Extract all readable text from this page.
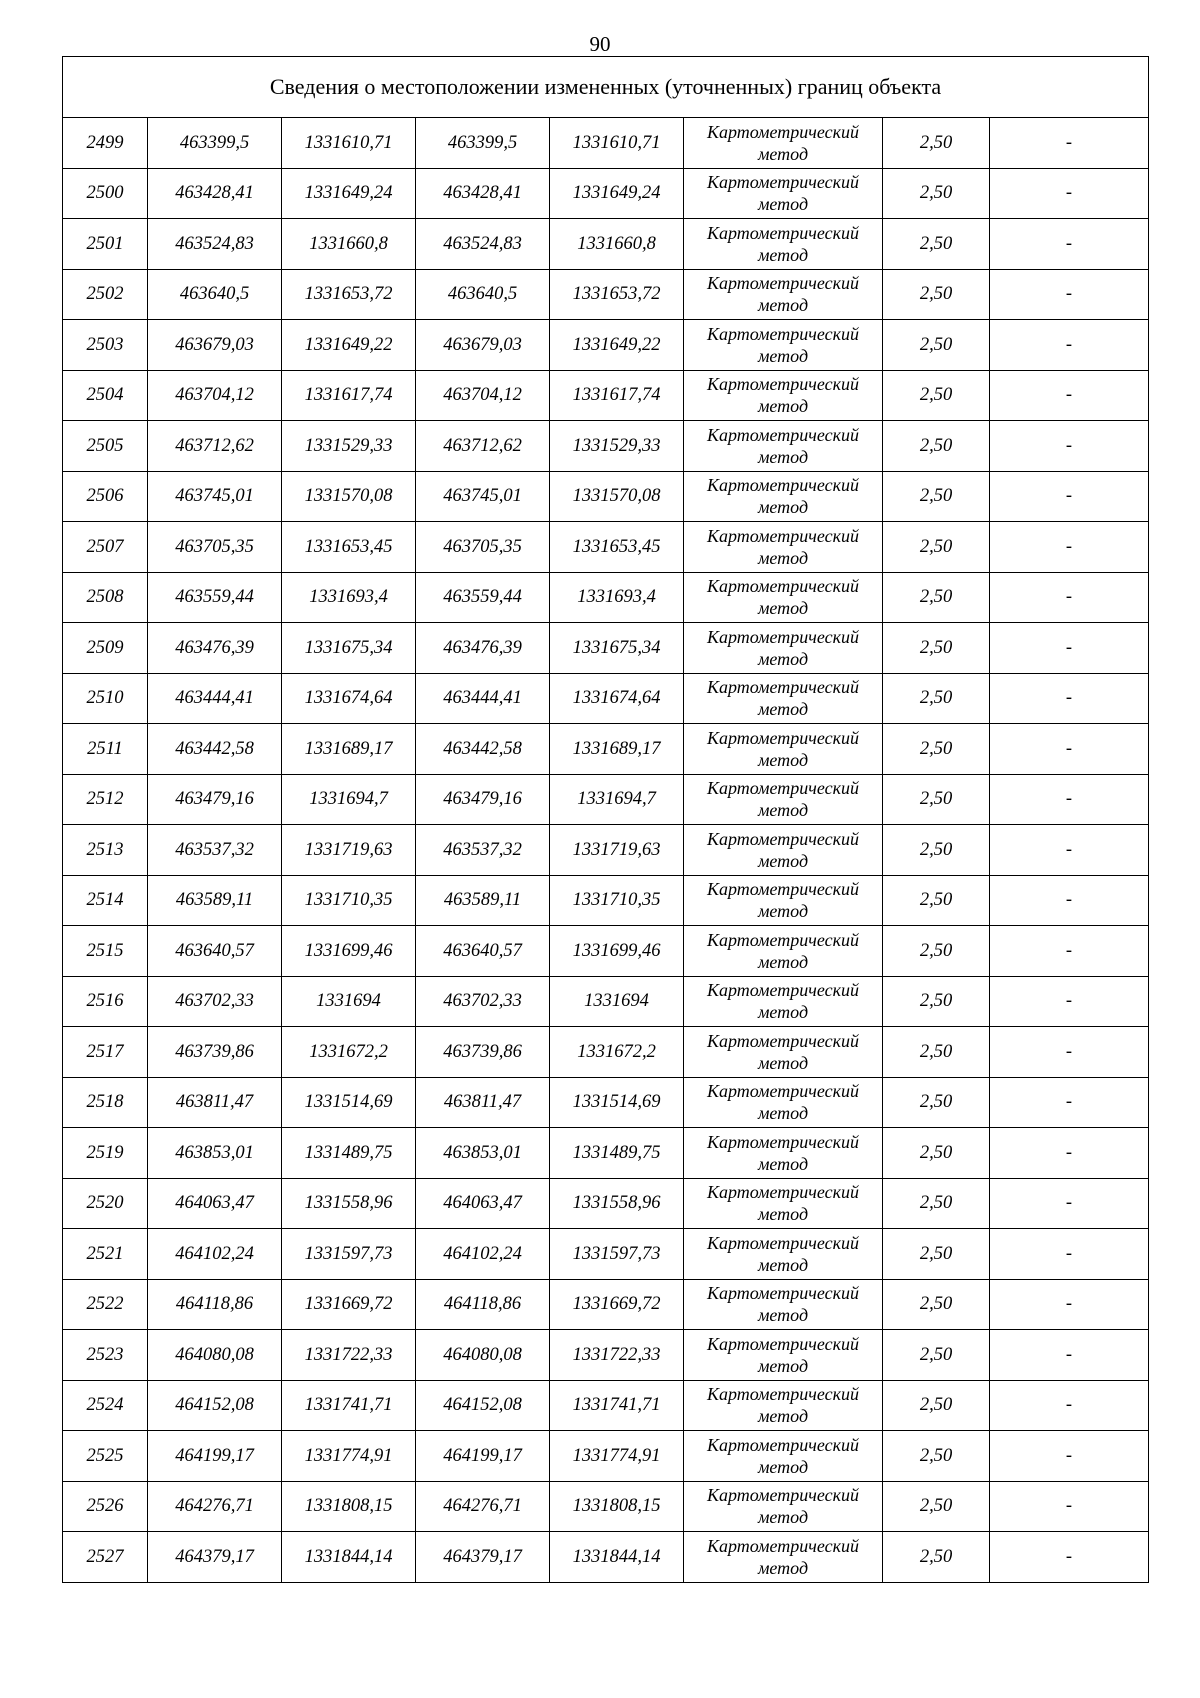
90
Сведения о местоположении измененных (уточненных) границ объекта							
2499	463399,5	1331610,71	463399,5	1331610,71	Картометрический
метод	2,50	-
2500	463428,41	1331649,24	463428,41	1331649,24	Картометрический
метод	2,50	-
2501	463524,83	1331660,8	463524,83	1331660,8	Картометрический
метод	2,50	-
2502	463640,5	1331653,72	463640,5	1331653,72	Картометрический
метод	2,50	-
2503	463679,03	1331649,22	463679,03	1331649,22	Картометрический
метод	2,50	-
2504	463704,12	1331617,74	463704,12	1331617,74	Картометрический
метод	2,50	-
2505	463712,62	1331529,33	463712,62	1331529,33	Картометрический
метод	2,50	-
2506	463745,01	1331570,08	463745,01	1331570,08	Картометрический
метод	2,50	-
2507	463705,35	1331653,45	463705,35	1331653,45	Картометрический
метод	2,50	-
2508	463559,44	1331693,4	463559,44	1331693,4	Картометрический
метод	2,50	-
2509	463476,39	1331675,34	463476,39	1331675,34	Картометрический
метод	2,50	-
2510	463444,41	1331674,64	463444,41	1331674,64	Картометрический
метод	2,50	-
2511	463442,58	1331689,17	463442,58	1331689,17	Картометрический
метод	2,50	-
2512	463479,16	1331694,7	463479,16	1331694,7	Картометрический
метод	2,50	-
2513	463537,32	1331719,63	463537,32	1331719,63	Картометрический
метод	2,50	-
2514	463589,11	1331710,35	463589,11	1331710,35	Картометрический
метод	2,50	-
2515	463640,57	1331699,46	463640,57	1331699,46	Картометрический
метод	2,50	-
2516	463702,33	1331694	463702,33	1331694	Картометрический
метод	2,50	-
2517	463739,86	1331672,2	463739,86	1331672,2	Картометрический
метод	2,50	-
2518	463811,47	1331514,69	463811,47	1331514,69	Картометрический
метод	2,50	-
2519	463853,01	1331489,75	463853,01	1331489,75	Картометрический
метод	2,50	-
2520	464063,47	1331558,96	464063,47	1331558,96	Картометрический
метод	2,50	-
2521	464102,24	1331597,73	464102,24	1331597,73	Картометрический
метод	2,50	-
2522	464118,86	1331669,72	464118,86	1331669,72	Картометрический
метод	2,50	-
2523	464080,08	1331722,33	464080,08	1331722,33	Картометрический
метод	2,50	-
2524	464152,08	1331741,71	464152,08	1331741,71	Картометрический
метод	2,50	-
2525	464199,17	1331774,91	464199,17	1331774,91	Картометрический
метод	2,50	-
2526	464276,71	1331808,15	464276,71	1331808,15	Картометрический
метод	2,50	-
2527	464379,17	1331844,14	464379,17	1331844,14	Картометрический
метод	2,50	-
